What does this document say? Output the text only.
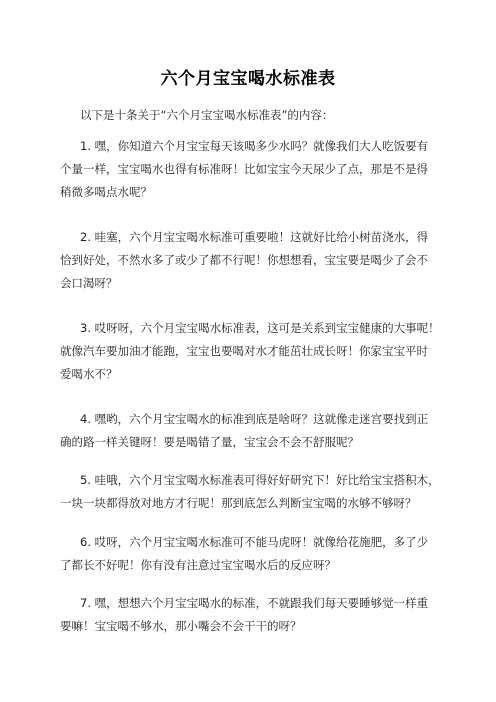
六个月宝宝喝水标准表
以下是十条关于“六个月宝宝喝水标准表”的内容：
1. 嘿，你知道六个月宝宝每天该喝多少水吗？就像我们大人吃饭要有
个量一样，宝宝喝水也得有标准呀！比如宝宝今天尿少了点，那是不是得
稍微多喝点水呢？
2. 哇塞，六个月宝宝喝水标准可重要啦！这就好比给小树苗浇水，得
恰到好处，不然水多了或少了都不行呢！你想想看，宝宝要是喝少了会不
会口渴呀？
3. 哎呀呀，六个月宝宝喝水标准表，这可是关系到宝宝健康的大事呢！
就像汽车要加油才能跑，宝宝也要喝对水才能茁壮成长呀！你家宝宝平时
爱喝水不？
4. 嘿哟，六个月宝宝喝水的标准到底是啥呀？这就像走迷宫要找到正
确的路一样关键呀！要是喝错了量，宝宝会不会不舒服呢？
5. 哇哦，六个月宝宝喝水标准表可得好好研究下！好比给宝宝搭积木，
一块一块都得放对地方才行呢！那到底怎么判断宝宝喝的水够不够呀？
6. 哎呀，六个月宝宝喝水标准可不能马虎呀！就像给花施肥，多了少
了都长不好呢！你有没有注意过宝宝喝水后的反应呀？
7. 嘿，想想六个月宝宝喝水的标准，不就跟我们每天要睡够觉一样重
要嘛！宝宝喝不够水，那小嘴会不会干干的呀？
